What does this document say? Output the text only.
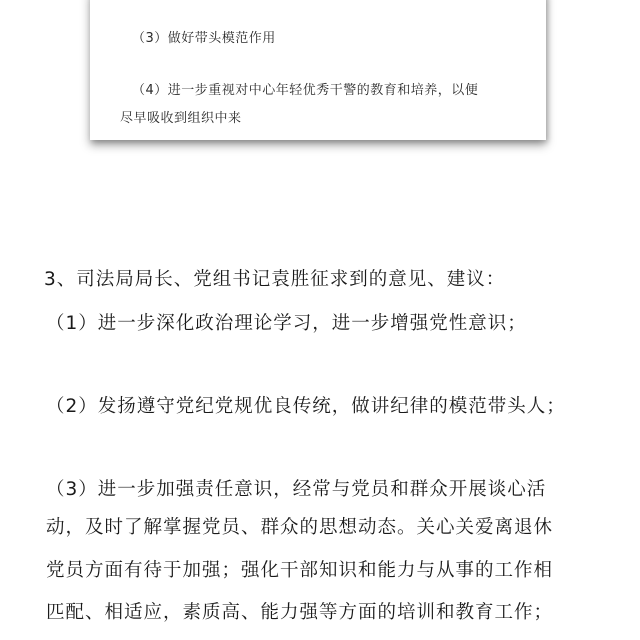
（3）做好带头模范作用
（4）进一步重视对中心年轻优秀干警的教育和培养，以便
尽早吸收到组织中来
3、司法局局长、党组书记袁胜征求到的意见、建议：
（1）进一步深化政治理论学习，进一步增强党性意识；
（2）发扬遵守党纪党规优良传统，做讲纪律的模范带头人；
（3）进一步加强责任意识，经常与党员和群众开展谈心活
动，及时了解掌握党员、群众的思想动态。关心关爱离退休
党员方面有待于加强；强化干部知识和能力与从事的工作相
匹配、相适应，素质高、能力强等方面的培训和教育工作；
